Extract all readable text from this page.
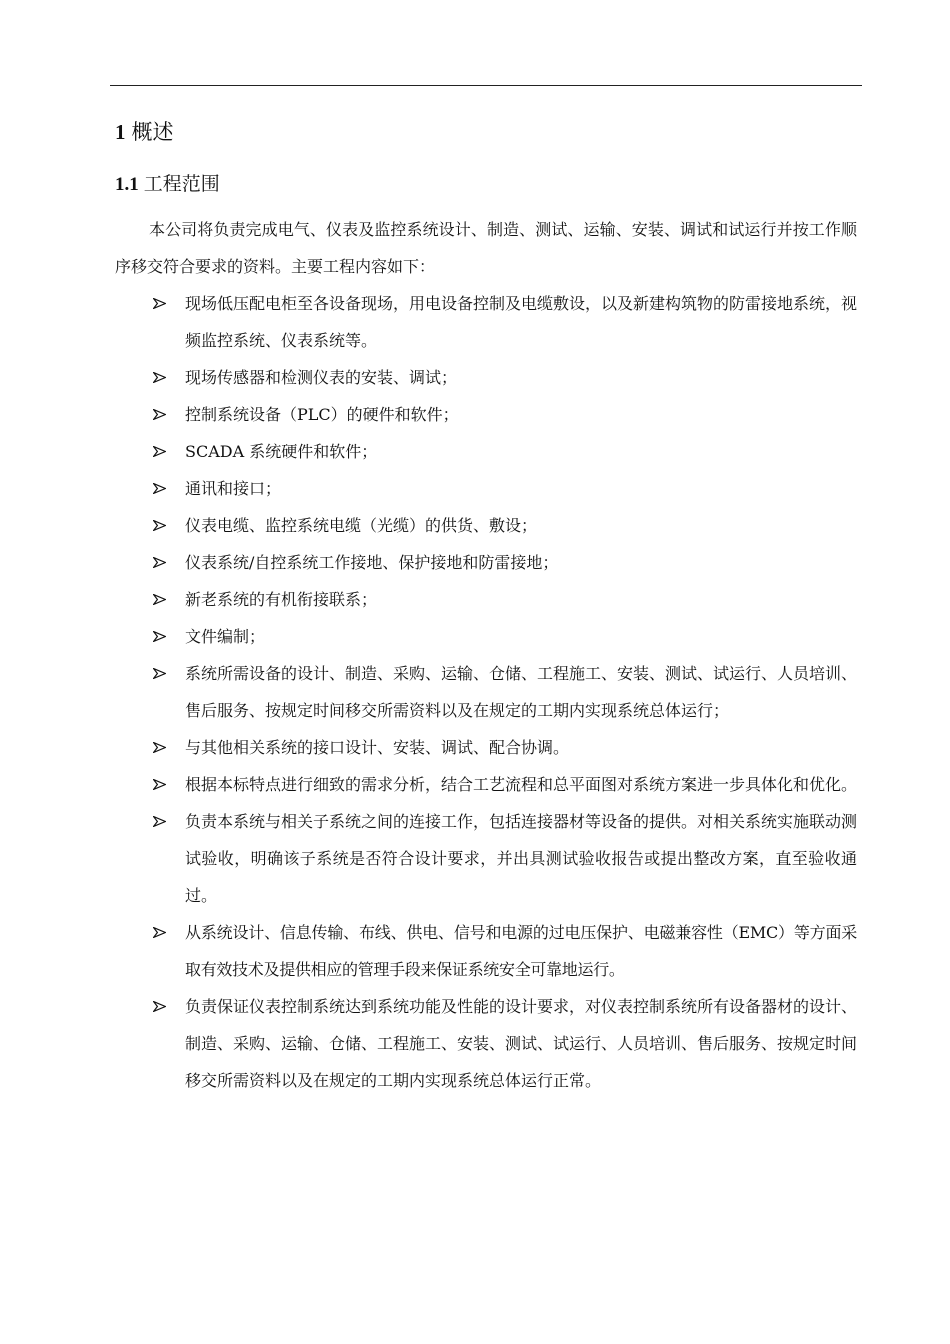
1 概述
1.1 工程范围

本公司将负责完成电气、仪表及监控系统设计、制造、测试、运输、安装、调试和试运行并按工作顺序移交符合要求的资料。主要工程内容如下：

现场低压配电柜至各设备现场，用电设备控制及电缆敷设，以及新建构筑物的防雷接地系统，视频监控系统、仪表系统等。
现场传感器和检测仪表的安装、调试；
控制系统设备（PLC）的硬件和软件；
SCADA 系统硬件和软件；
通讯和接口；
仪表电缆、监控系统电缆（光缆）的供货、敷设；
仪表系统/自控系统工作接地、保护接地和防雷接地；
新老系统的有机衔接联系；
文件编制；
系统所需设备的设计、制造、采购、运输、仓储、工程施工、安装、测试、试运行、人员培训、售后服务、按规定时间移交所需资料以及在规定的工期内实现系统总体运行；
与其他相关系统的接口设计、安装、调试、配合协调。
根据本标特点进行细致的需求分析，结合工艺流程和总平面图对系统方案进一步具体化和优化。
负责本系统与相关子系统之间的连接工作，包括连接器材等设备的提供。对相关系统实施联动测试验收，明确该子系统是否符合设计要求，并出具测试验收报告或提出整改方案，直至验收通过。
从系统设计、信息传输、布线、供电、信号和电源的过电压保护、电磁兼容性（EMC）等方面采取有效技术及提供相应的管理手段来保证系统安全可靠地运行。
负责保证仪表控制系统达到系统功能及性能的设计要求，对仪表控制系统所有设备器材的设计、制造、采购、运输、仓储、工程施工、安装、测试、试运行、人员培训、售后服务、按规定时间移交所需资料以及在规定的工期内实现系统总体运行正常。
